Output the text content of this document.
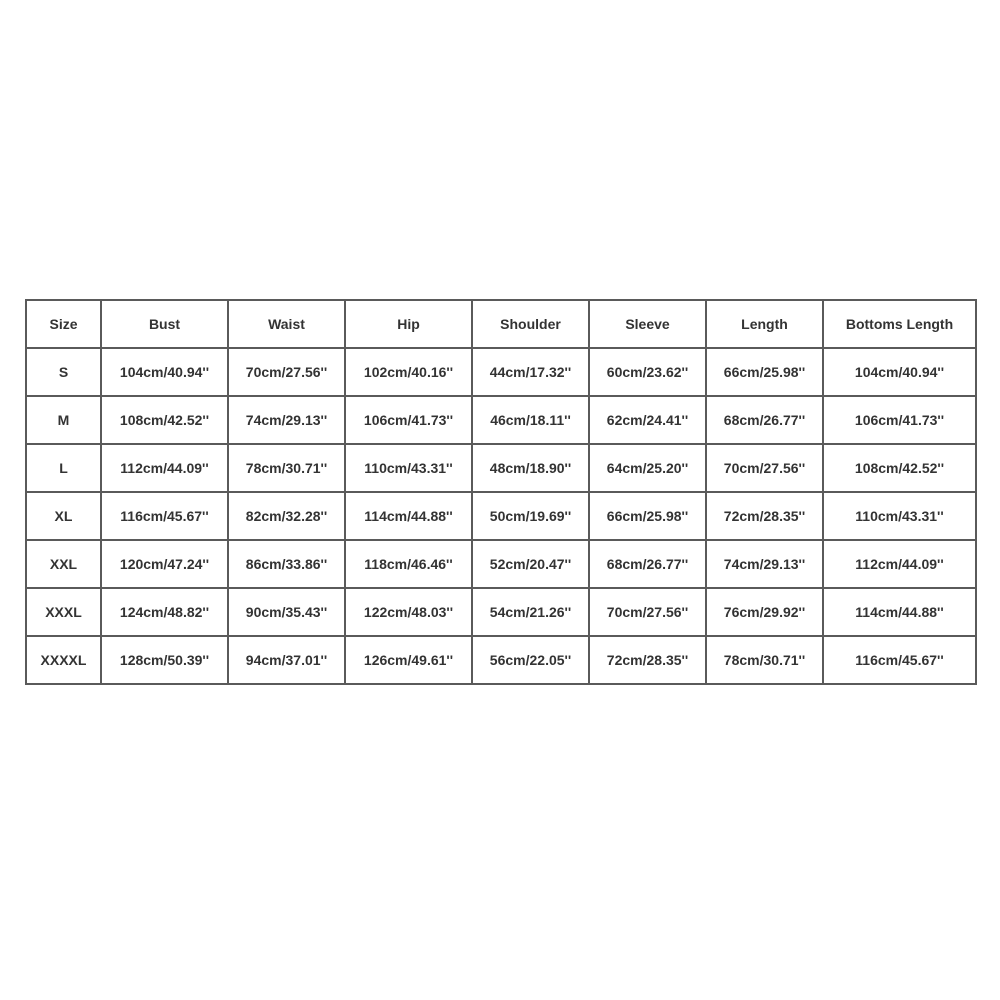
Size	Bust	Waist	Hip	Shoulder	Sleeve	Length	Bottoms Length
S	104cm/40.94''	70cm/27.56''	102cm/40.16''	44cm/17.32''	60cm/23.62''	66cm/25.98''	104cm/40.94''
M	108cm/42.52''	74cm/29.13''	106cm/41.73''	46cm/18.11''	62cm/24.41''	68cm/26.77''	106cm/41.73''
L	112cm/44.09''	78cm/30.71''	110cm/43.31''	48cm/18.90''	64cm/25.20''	70cm/27.56''	108cm/42.52''
XL	116cm/45.67''	82cm/32.28''	114cm/44.88''	50cm/19.69''	66cm/25.98''	72cm/28.35''	110cm/43.31''
XXL	120cm/47.24''	86cm/33.86''	118cm/46.46''	52cm/20.47''	68cm/26.77''	74cm/29.13''	112cm/44.09''
XXXL	124cm/48.82''	90cm/35.43''	122cm/48.03''	54cm/21.26''	70cm/27.56''	76cm/29.92''	114cm/44.88''
XXXXL	128cm/50.39''	94cm/37.01''	126cm/49.61''	56cm/22.05''	72cm/28.35''	78cm/30.71''	116cm/45.67''
